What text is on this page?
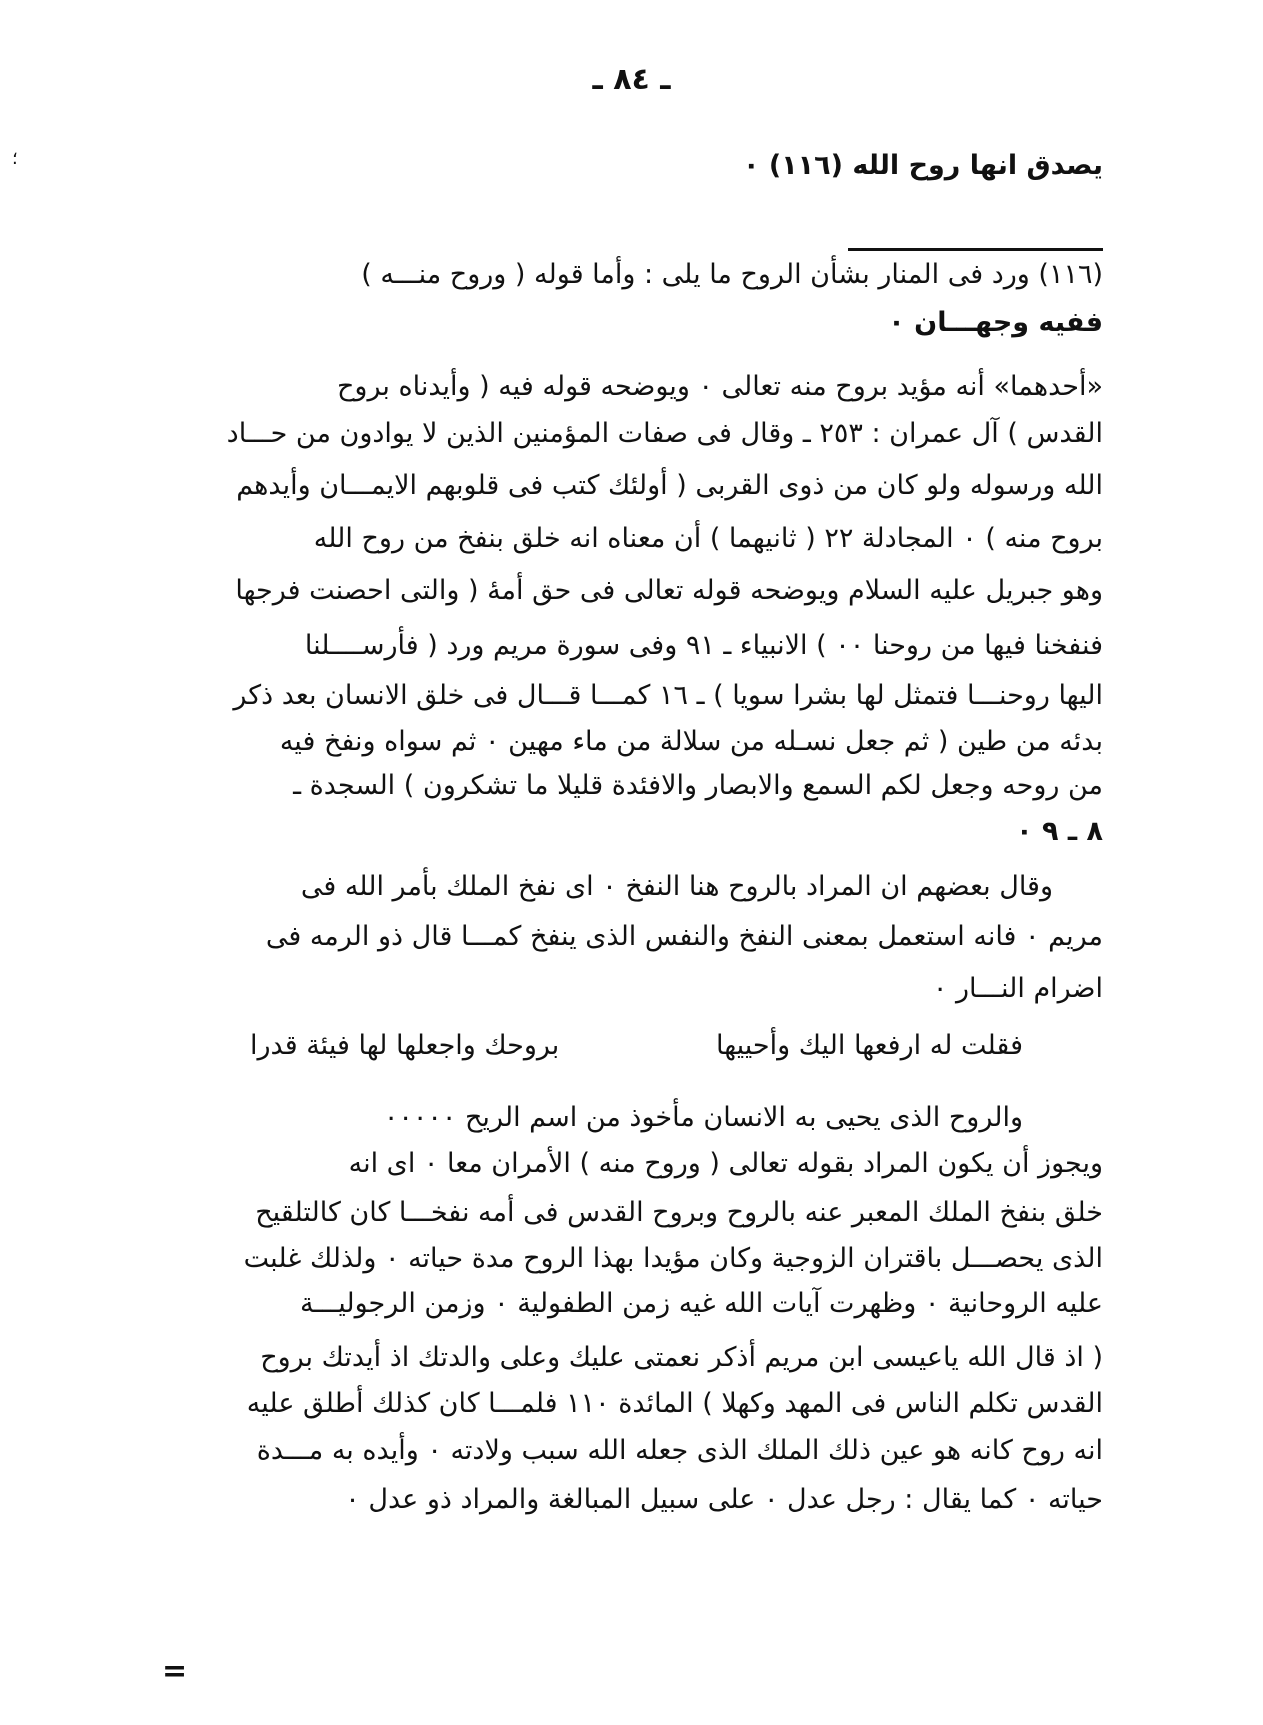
ـ ٨٤ ـ
؛	يصدق انها روح الله (١١٦) ٠
(١١٦) ورد فى المنار بشأن الروح ما يلى : وأما قوله ( وروح منـــه )
ففيه وجهـــان ٠
«أحدهما» أنه مؤيد بروح منه تعالى ٠ ويوضحه قوله فيه ( وأيدناه بروح
القدس ) آل عمران : ٢٥٣ ـ وقال فى صفات المؤمنين الذين لا يوادون من حـــاد
الله ورسوله ولو كان من ذوى القربى ( أولئك كتب فى قلوبهم الايمـــان وأيدهم
بروح منه ) ٠ المجادلة ٢٢ ( ثانيهما ) أن معناه انه خلق بنفخ من روح الله
وهو جبريل عليه السلام ويوضحه قوله تعالى فى حق أمهٔ ( والتى احصنت فرجها
فنفخنا فيها من روحنا ٠٠ ) الانبياء ـ ٩١ وفى سورة مريم ورد ( فأرســــلنا
اليها روحنـــا فتمثل لها بشرا سويا ) ـ ١٦ كمـــا قـــال فى خلق الانسان بعد ذكر
بدئه من طين ( ثم جعل نسـله من سلالة من ماء مهين ٠ ثم سواه ونفخ فيه
من روحه وجعل لكم السمع والابصار والافئدة قليلا ما تشكرون ) السجدة ـ
٨ ـ ٩ ٠
وقال بعضهم ان المراد بالروح هنا النفخ ٠ اى نفخ الملك بأمر الله فى
مريم ٠ فانه استعمل بمعنى النفخ والنفس الذى ينفخ كمـــا قال ذو الرمه فى
اضرام النـــار ٠
فقلت له ارفعها اليك وأحييها
بروحك واجعلها لها فيئة قدرا
والروح الذى يحيى به الانسان مأخوذ من اسم الريح ٠٠٠٠٠
ويجوز أن يكون المراد بقوله تعالى ( وروح منه ) الأمران معا ٠ اى انه
خلق بنفخ الملك المعبر عنه بالروح وبروح القدس فى أمه نفخـــا كان كالتلقيح
الذى يحصـــل باقتران الزوجية وكان مؤيدا بهذا الروح مدة حياته ٠ ولذلك غلبت
عليه الروحانية ٠ وظهرت آيات الله غيه زمن الطفولية ٠ وزمن الرجوليـــة
( اذ قال الله ياعيسى ابن مريم أذكر نعمتى عليك وعلى والدتك اذ أيدتك بروح
القدس تكلم الناس فى المهد وكهلا ) المائدة ١١٠ فلمـــا كان كذلك أطلق عليه
انه روح كانه هو عين ذلك الملك الذى جعله الله سبب ولادته ٠ وأيده به مـــدة
حياته ٠ كما يقال : رجل عدل ٠ على سبيل المبالغة والمراد ذو عدل ٠
=
